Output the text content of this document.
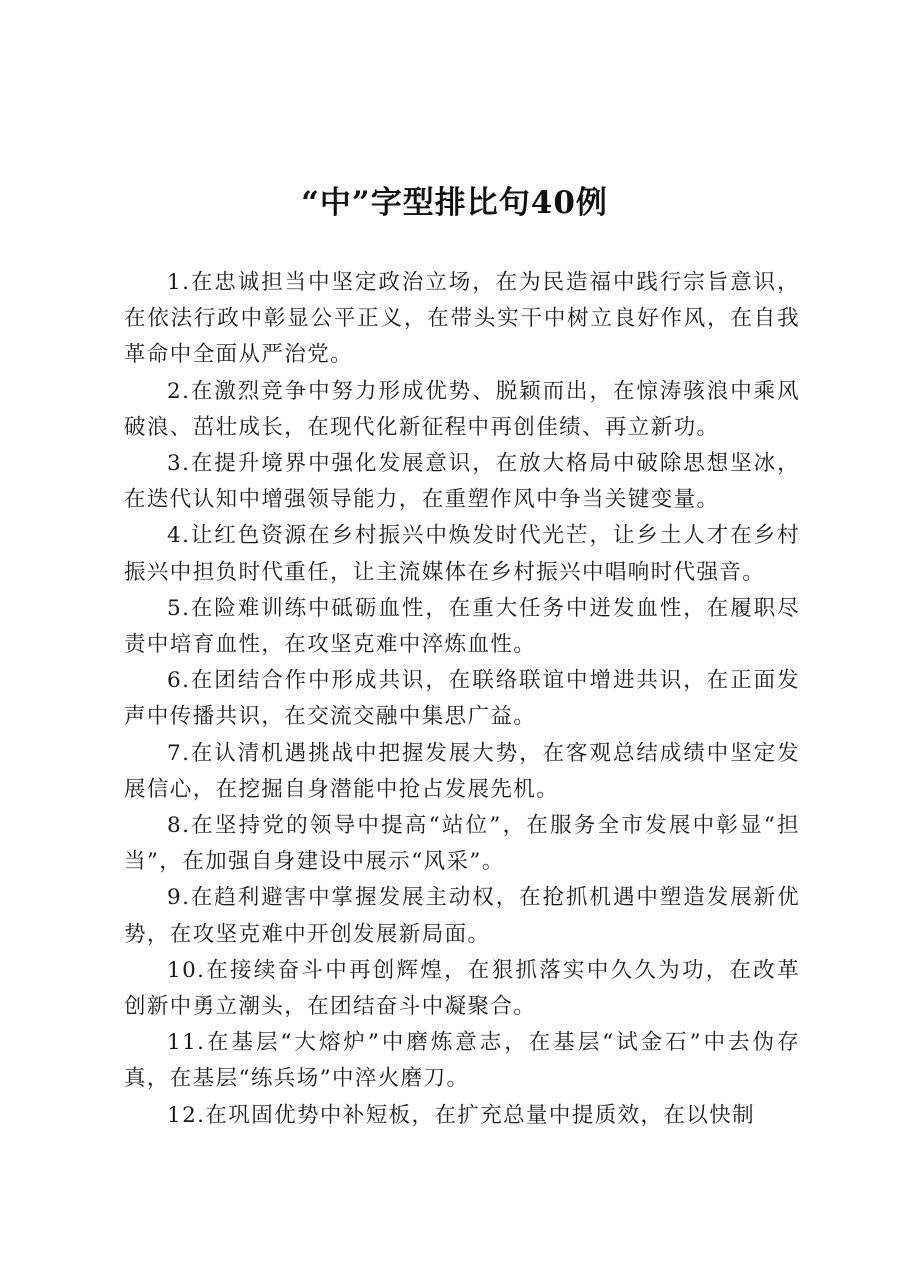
“中”字型排比句40例

1.在忠诚担当中坚定政治立场，在为民造福中践行宗旨意识，在依法行政中彰显公平正义，在带头实干中树立良好作风，在自我革命中全面从严治党。

2.在激烈竞争中努力形成优势、脱颖而出，在惊涛骇浪中乘风破浪、茁壮成长，在现代化新征程中再创佳绩、再立新功。

3.在提升境界中强化发展意识，在放大格局中破除思想坚冰，在迭代认知中增强领导能力，在重塑作风中争当关键变量。

4.让红色资源在乡村振兴中焕发时代光芒，让乡土人才在乡村振兴中担负时代重任，让主流媒体在乡村振兴中唱响时代强音。

5.在险难训练中砥砺血性，在重大任务中迸发血性，在履职尽责中培育血性，在攻坚克难中淬炼血性。

6.在团结合作中形成共识，在联络联谊中增进共识，在正面发声中传播共识，在交流交融中集思广益。

7.在认清机遇挑战中把握发展大势，在客观总结成绩中坚定发展信心，在挖掘自身潜能中抢占发展先机。

8.在坚持党的领导中提高“站位”，在服务全市发展中彰显“担当”，在加强自身建设中展示“风采”。

9.在趋利避害中掌握发展主动权，在抢抓机遇中塑造发展新优势，在攻坚克难中开创发展新局面。

10.在接续奋斗中再创辉煌，在狠抓落实中久久为功，在改革创新中勇立潮头，在团结奋斗中凝聚合。

11.在基层“大熔炉”中磨炼意志，在基层“试金石”中去伪存真，在基层“练兵场”中淬火磨刀。

12.在巩固优势中补短板，在扩充总量中提质效，在以快制
